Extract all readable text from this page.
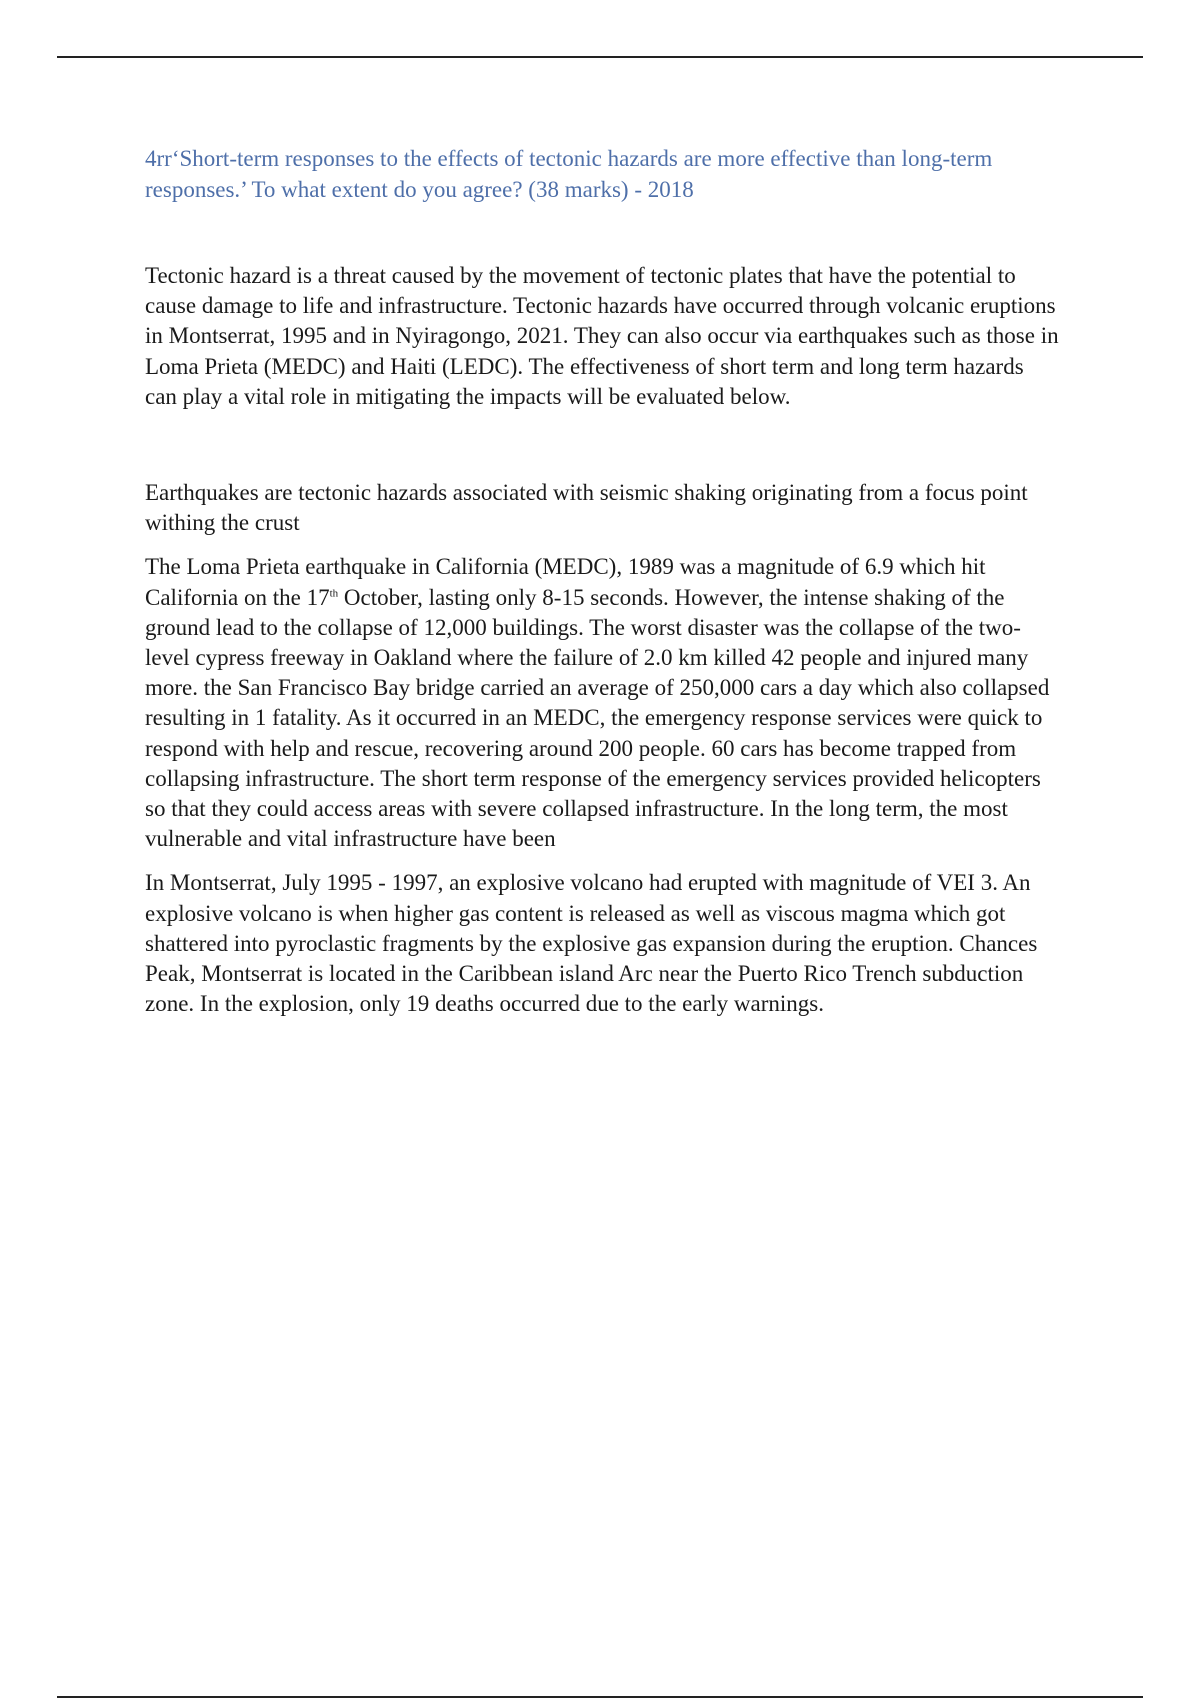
4rr‘Short-term responses to the effects of tectonic hazards are more effective than long-term responses.’ To what extent do you agree? (38 marks) - 2018

Tectonic hazard is a threat caused by the movement of tectonic plates that have the potential to cause damage to life and infrastructure. Tectonic hazards have occurred through volcanic eruptions in Montserrat, 1995 and in Nyiragongo, 2021. They can also occur via earthquakes such as those in Loma Prieta (MEDC) and Haiti (LEDC). The effectiveness of short term and long term hazards can play a vital role in mitigating the impacts will be evaluated below.

Earthquakes are tectonic hazards associated with seismic shaking originating from a focus point withing the crust

The Loma Prieta earthquake in California (MEDC), 1989 was a magnitude of 6.9 which hit California on the 17th October, lasting only 8-15 seconds. However, the intense shaking of the ground lead to the collapse of 12,000 buildings. The worst disaster was the collapse of the two-level cypress freeway in Oakland where the failure of 2.0 km killed 42 people and injured many more. the San Francisco Bay bridge carried an average of 250,000 cars a day which also collapsed resulting in 1 fatality. As it occurred in an MEDC, the emergency response services were quick to respond with help and rescue, recovering around 200 people. 60 cars has become trapped from collapsing infrastructure. The short term response of the emergency services provided helicopters so that they could access areas with severe collapsed infrastructure. In the long term, the most vulnerable and vital infrastructure have been

In Montserrat, July 1995 - 1997, an explosive volcano had erupted with magnitude of VEI 3. An explosive volcano is when higher gas content is released as well as viscous magma which got shattered into pyroclastic fragments by the explosive gas expansion during the eruption. Chances Peak, Montserrat is located in the Caribbean island Arc near the Puerto Rico Trench subduction zone. In the explosion, only 19 deaths occurred due to the early warnings.
